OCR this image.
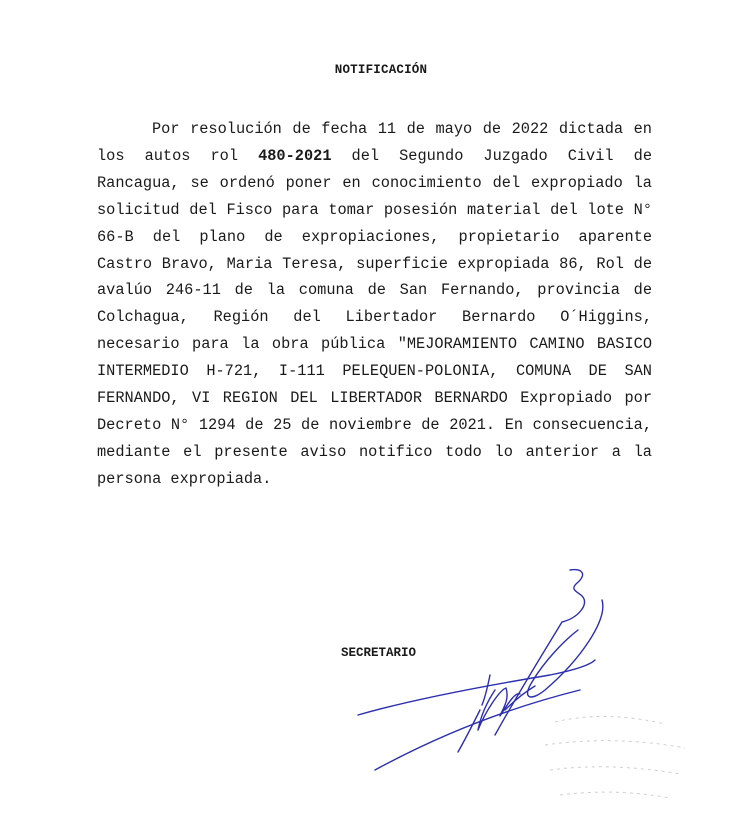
NOTIFICACIÓN

Por resolución de fecha 11 de mayo de 2022 dictada en los autos rol 480-2021 del Segundo Juzgado Civil de Rancagua, se ordenó poner en conocimiento del expropiado la solicitud del Fisco para tomar posesión material del lote N° 66-B del plano de expropiaciones, propietario aparente Castro Bravo, Maria Teresa, superficie expropiada 86, Rol de avalúo 246-11 de la comuna de San Fernando, provincia de Colchagua, Región del Libertador Bernardo O´Higgins, necesario para la obra pública "MEJORAMIENTO CAMINO BASICO INTERMEDIO H-721, I-111 PELEQUEN-POLONIA, COMUNA DE SAN FERNANDO, VI REGION DEL LIBERTADOR BERNARDO Expropiado por Decreto N° 1294 de 25 de noviembre de 2021. En consecuencia, mediante el presente aviso notifico todo lo anterior a la persona expropiada.

SECRETARIO
